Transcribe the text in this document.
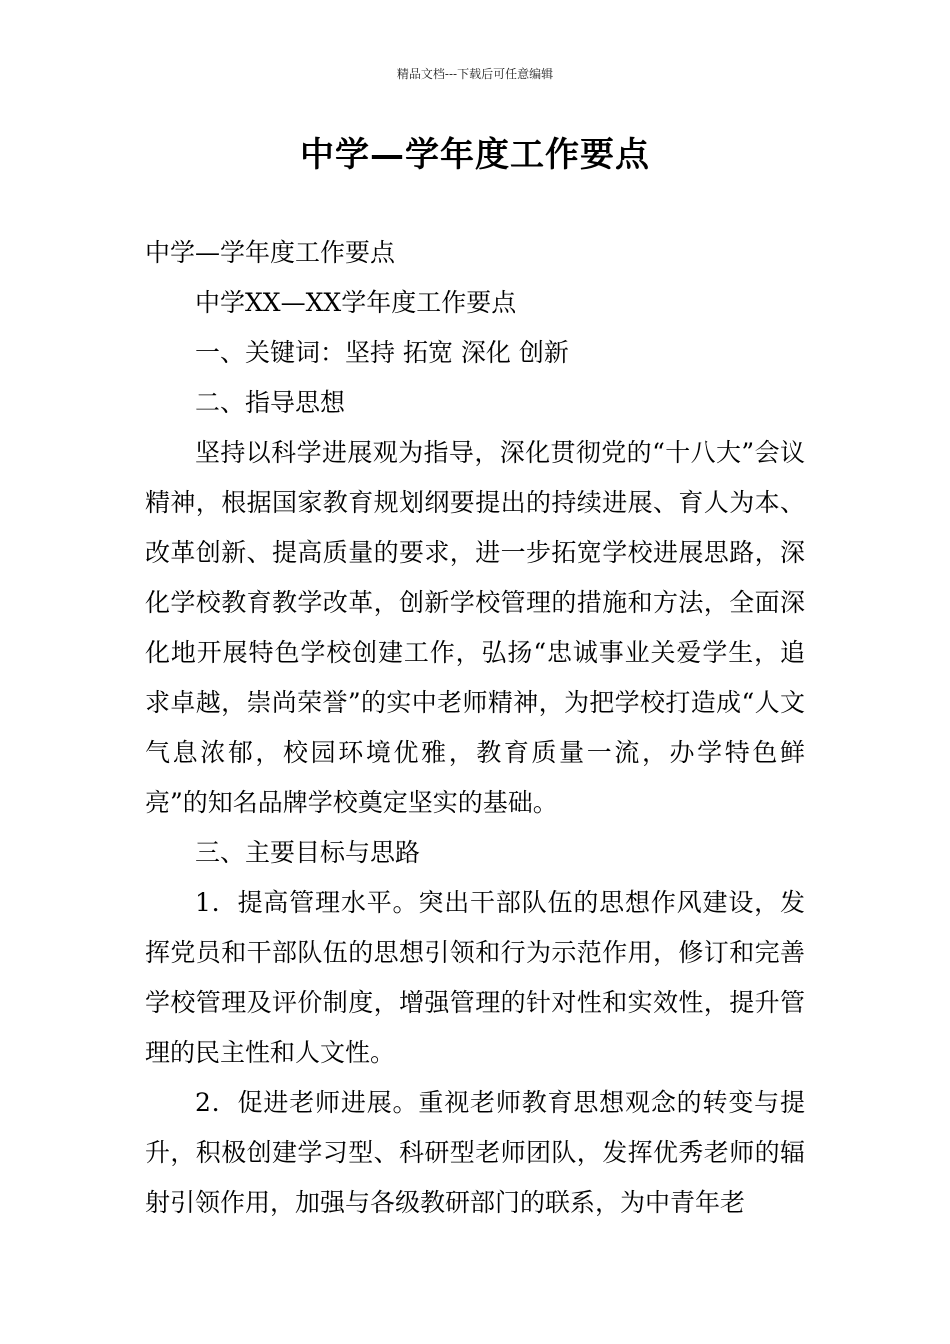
精品文档---下载后可任意编辑
中学—学年度工作要点

中学—学年度工作要点

中学XX—XX学年度工作要点

一、关键词：坚持 拓宽 深化 创新

二、指导思想

坚持以科学进展观为指导，深化贯彻党的“十八大”会议精神，根据国家教育规划纲要提出的持续进展、育人为本、改革创新、提高质量的要求，进一步拓宽学校进展思路，深化学校教育教学改革，创新学校管理的措施和方法，全面深化地开展特色学校创建工作，弘扬“忠诚事业关爱学生，追求卓越，崇尚荣誉”的实中老师精神，为把学校打造成“人文气息浓郁，校园环境优雅，教育质量一流，办学特色鲜亮”的知名品牌学校奠定坚实的基础。

三、主要目标与思路

1．提高管理水平。突出干部队伍的思想作风建设，发挥党员和干部队伍的思想引领和行为示范作用，修订和完善学校管理及评价制度，增强管理的针对性和实效性，提升管理的民主性和人文性。

2．促进老师进展。重视老师教育思想观念的转变与提升，积极创建学习型、科研型老师团队，发挥优秀老师的辐射引领作用，加强与各级教研部门的联系，为中青年老
